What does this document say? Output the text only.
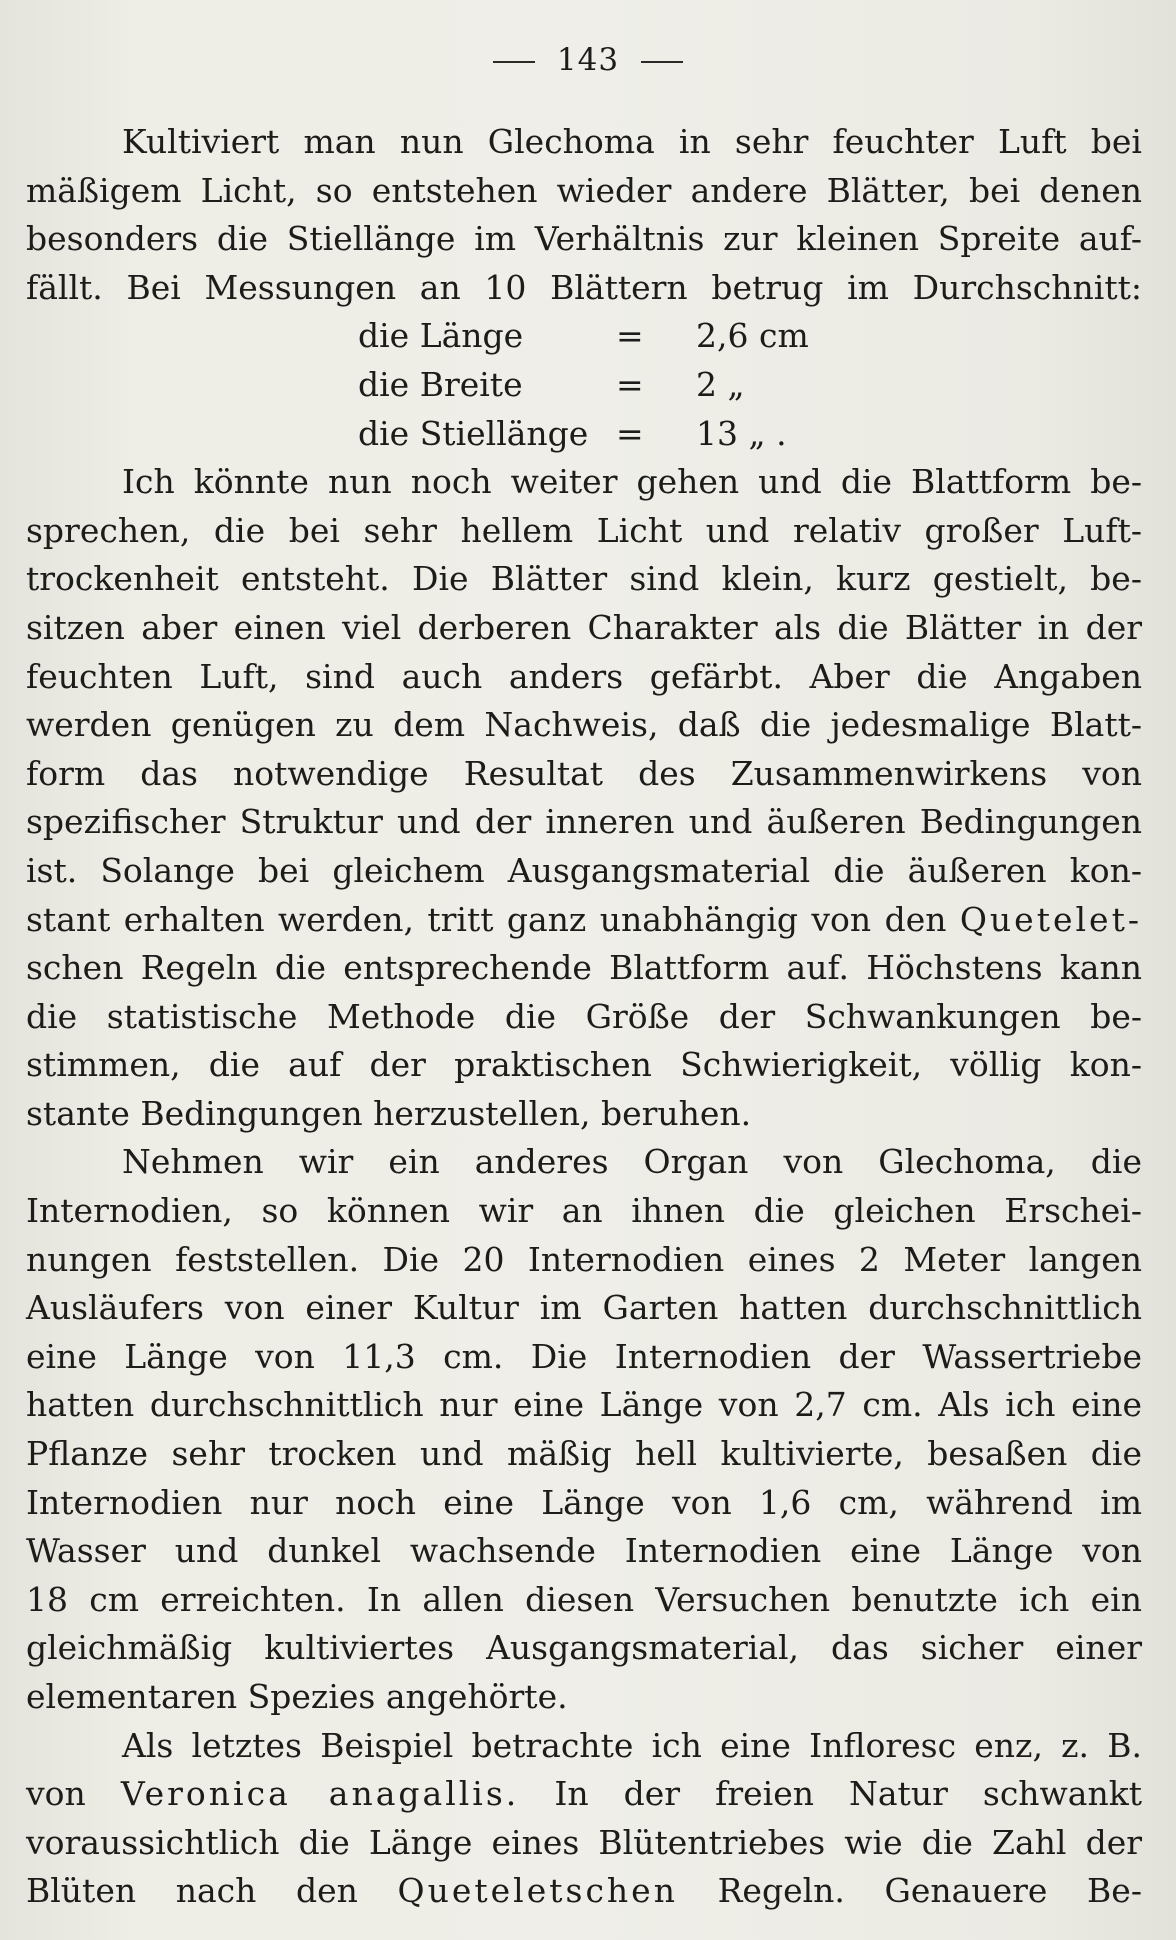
143
Kultiviert man nun Glechoma in sehr feuchter Luft bei
mäßigem Licht, so entstehen wieder andere Blätter, bei denen
besonders die Stiellänge im Verhältnis zur kleinen Spreite auf-
fällt. Bei Messungen an 10 Blättern betrug im Durchschnitt:
die Länge	= 2,6 cm
die Breite	= 2 „
die Stiellänge = 13 „ .
Ich könnte nun noch weiter gehen und die Blattform be-
sprechen, die bei sehr hellem Licht und relativ großer Luft-
trockenheit entsteht. Die Blätter sind klein, kurz gestielt, be-
sitzen aber einen viel derberen Charakter als die Blätter in der
feuchten Luft, sind auch anders gefärbt. Aber die Angaben
werden genügen zu dem Nachweis, daß die jedesmalige Blatt-
form das notwendige Resultat des Zusammenwirkens von
spezifischer Struktur und der inneren und äußeren Bedingungen
ist. Solange bei gleichem Ausgangsmaterial die äußeren kon-
stant erhalten werden, tritt ganz unabhängig von den Quetelet-
schen Regeln die entsprechende Blattform auf. Höchstens kann
die statistische Methode die Größe der Schwankungen be-
stimmen, die auf der praktischen Schwierigkeit, völlig kon-
stante Bedingungen herzustellen, beruhen.
Nehmen wir ein anderes Organ von Glechoma, die
Internodien, so können wir an ihnen die gleichen Erschei-
nungen feststellen. Die 20 Internodien eines 2 Meter langen
Ausläufers von einer Kultur im Garten hatten durchschnittlich
eine Länge von 11,3 cm. Die Internodien der Wassertriebe
hatten durchschnittlich nur eine Länge von 2,7 cm. Als ich eine
Pflanze sehr trocken und mäßig hell kultivierte, besaßen die
Internodien nur noch eine Länge von 1,6 cm, während im
Wasser und dunkel wachsende Internodien eine Länge von
18 cm erreichten. In allen diesen Versuchen benutzte ich ein
gleichmäßig kultiviertes Ausgangsmaterial, das sicher einer
elementaren Spezies angehörte.
Als letztes Beispiel betrachte ich eine Infloresc enz, z. B.
von Veronica anagallis. In der freien Natur schwankt
voraussichtlich die Länge eines Blütentriebes wie die Zahl der
Blüten nach den Queteletschen Regeln. Genauere Be-
